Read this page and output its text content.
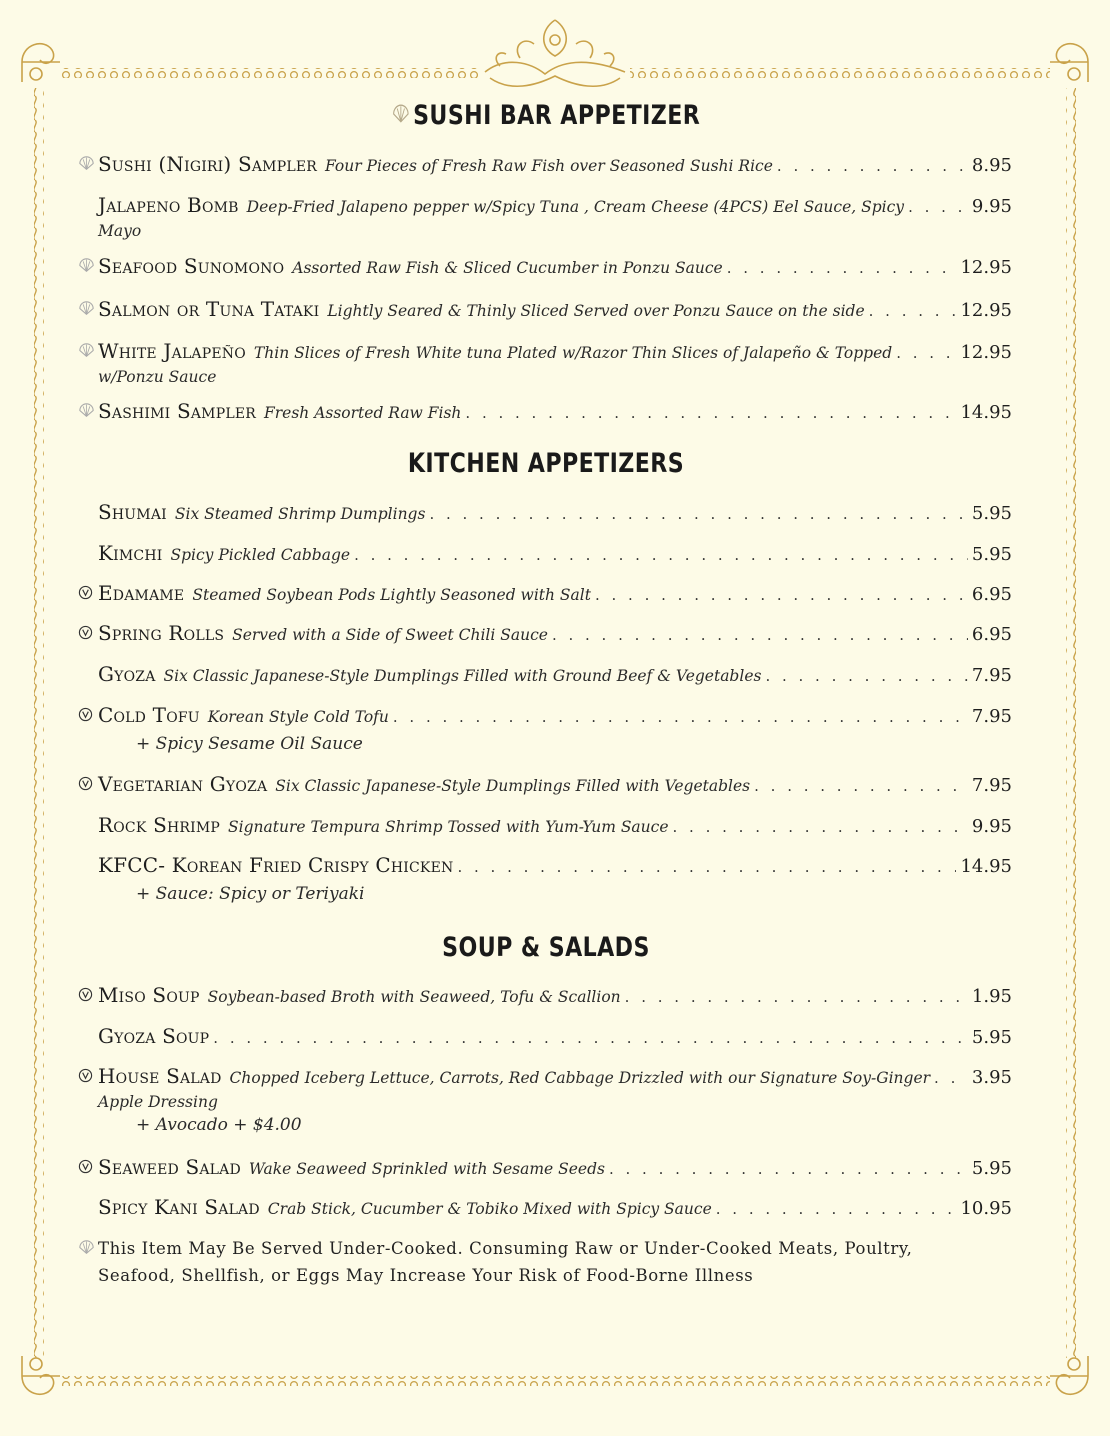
SUSHI BAR APPETIZER
Sushi (Nigiri) Sampler Four Pieces of Fresh Raw Fish over Seasoned Sushi Rice . . .	8.95
Jalapeno Bomb Deep-Fried Jalapeno pepper w/Spicy Tuna , Cream Cheese (4PCS) Eel Sauce, Spicy . . .	9.95
Mayo
Seafood Sunomono Assorted Raw Fish & Sliced Cucumber in Ponzu Sauce . . .	12.95
Salmon or Tuna Tataki Lightly Seared & Thinly Sliced Served over Ponzu Sauce on the side . . .	12.95
White Jalapeño Thin Slices of Fresh White tuna Plated w/Razor Thin Slices of Jalapeño & Topped . . .	12.95
w/Ponzu Sauce
Sashimi Sampler Fresh Assorted Raw Fish . . .	14.95
KITCHEN APPETIZERS
Shumai Six Steamed Shrimp Dumplings . . .	5.95
Kimchi Spicy Pickled Cabbage . . .	5.95
Edamame Steamed Soybean Pods Lightly Seasoned with Salt . . .	6.95
Spring Rolls Served with a Side of Sweet Chili Sauce . . .	6.95
Gyoza Six Classic Japanese-Style Dumplings Filled with Ground Beef & Vegetables . . .	7.95
Cold Tofu Korean Style Cold Tofu . . .	7.95
+ Spicy Sesame Oil Sauce
Vegetarian Gyoza Six Classic Japanese-Style Dumplings Filled with Vegetables . . .	7.95
Rock Shrimp Signature Tempura Shrimp Tossed with Yum-Yum Sauce . . .	9.95
KFCC- Korean Fried Crispy Chicken . . .	14.95
+ Sauce: Spicy or Teriyaki
SOUP & SALADS
Miso Soup Soybean-based Broth with Seaweed, Tofu & Scallion . . .	1.95
Gyoza Soup . . .	5.95
House Salad Chopped Iceberg Lettuce, Carrots, Red Cabbage Drizzled with our Signature Soy-Ginger . . . 3.95
Apple Dressing
+ Avocado + $4.00
Seaweed Salad Wake Seaweed Sprinkled with Sesame Seeds . . .	5.95
Spicy Kani Salad Crab Stick, Cucumber & Tobiko Mixed with Spicy Sauce . . .	10.95
This Item May Be Served Under-Cooked. Consuming Raw or Under-Cooked Meats, Poultry,
Seafood, Shellfish, or Eggs May Increase Your Risk of Food-Borne Illness
